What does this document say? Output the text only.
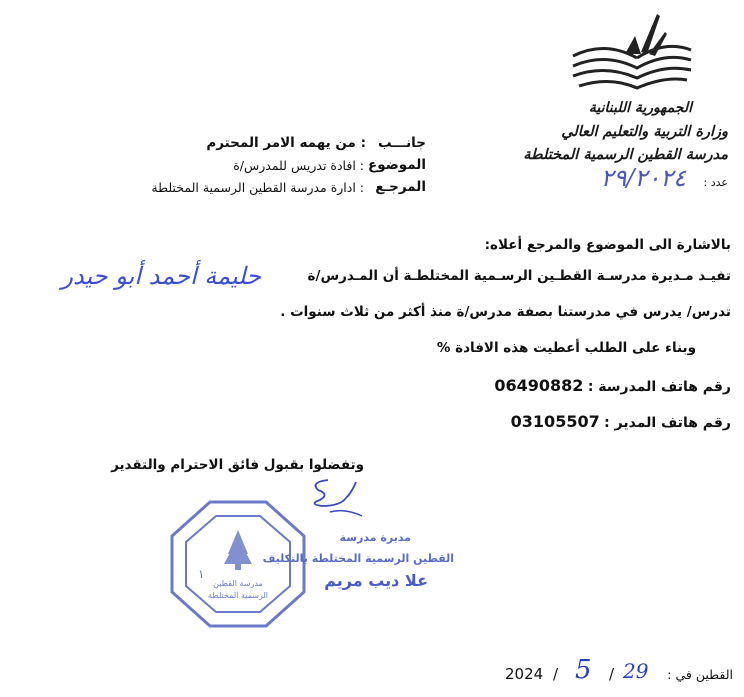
الجمهورية اللبنانية
وزارة التربية والتعليم العالي
مدرسة القطين الرسمية المختلطة
عدد :
٢٩/٢٠٢٤
جانـــب
: من يهمه الامر المحترم
الموضوع
: افادة تدريس للمدرس/ة
المرجـع
: ادارة مدرسة القطين الرسمية المختلطة
بالاشارة الى الموضوع والمرجع أعلاه:
تفيـد مـديرة مدرسـة القطـين الرسـمية المختلطـة أن المـدرس/ة
حليمة أحمد أبو حيدر
تدرس/ يدرس في مدرستنا بصفة مدرس/ة منذ أكثر من ثلاث سنوات .
وبناء على الطلب أعطيت هذه الافادة %
رقم هاتف المدرسة : 06490882
رقم هاتف المدير : 03105507
وتفضلوا بقبول فائق الاحترام والتقدير
مدرسة القطين
الرسمية المختلطة
١
مديرة مدرسة
القطين الرسمية المختلطة بالتكليف
علا ديب مريم
2024 / 5 / 29 القطين في :
